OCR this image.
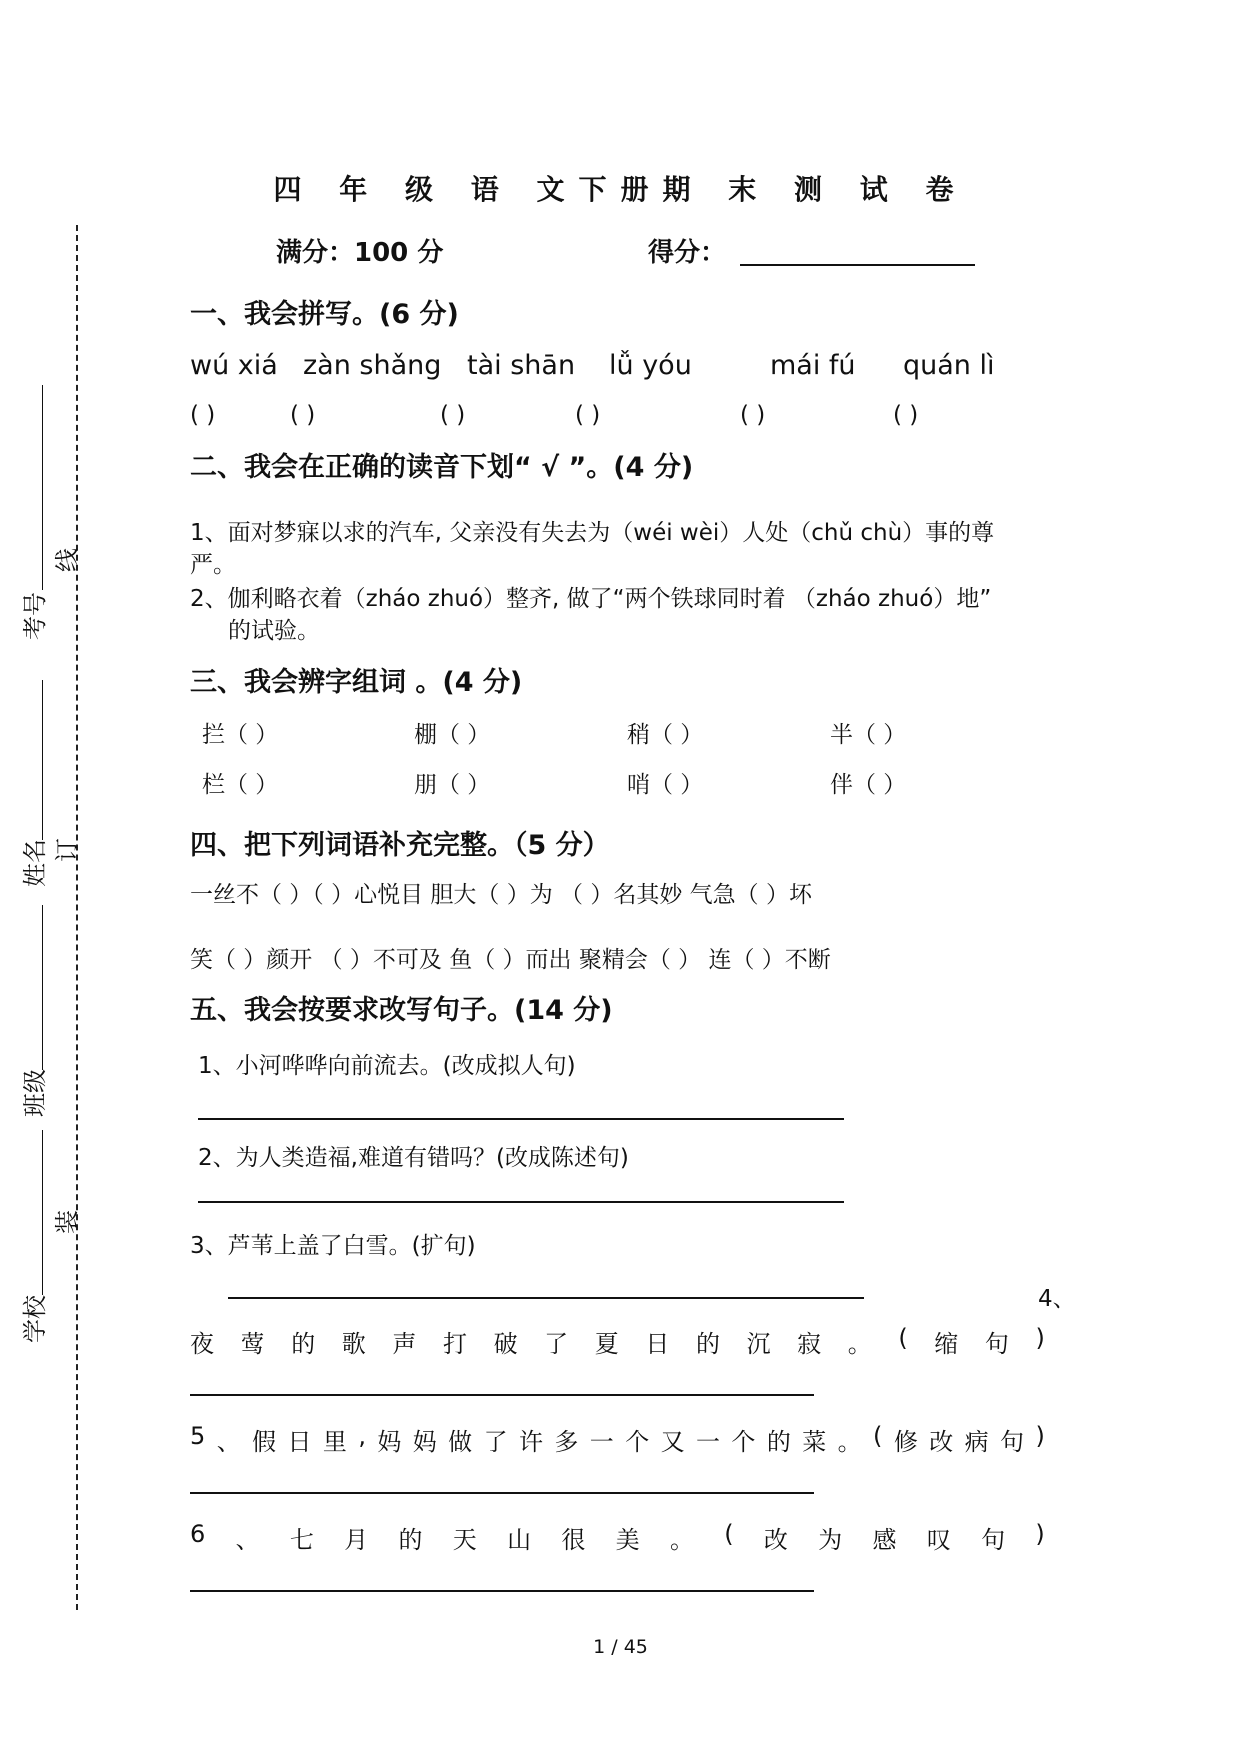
考号
姓名
班级
学校
线
订
装
四 年 级 语 文下册期 末 测 试 卷
满分：100 分	得分：
一、我会拼写。(6 分)
wú xiá zàn shǎng tài shān lǚ yóu	mái fú quán lì
( )	( )	( )	( )	( )	( )
二、我会在正确的读音下划“ √ ”。(4 分)
1、面对梦寐以求的汽车, 父亲没有失去为（wéi wèi）人处（chǔ chù）事的尊
严。
2、伽利略衣着（zháo zhuó）整齐, 做了“两个铁球同时着 （zháo zhuó）地”
的试验。
三、我会辨字组词 。(4 分)
拦（ ）	棚（ ）	稍（ ）	半（ ）
栏（ ）	朋（ ）	哨（ ）	伴（ ）
四、把下列词语补充完整。（5 分）
一丝不（ ）（ ）心悦目 胆大（ ）为 （ ）名其妙 气急（ ）坏
笑（ ）颜开 （ ）不可及 鱼（ ）而出 聚精会（ ） 连（ ）不断
五、我会按要求改写句子。(14 分)
1、小河哗哗向前流去。(改成拟人句)
2、为人类造福,难道有错吗？(改成陈述句)
3、芦苇上盖了白雪。(扩句)
4、
夜 莺 的 歌 声 打 破 了 夏 日 的 沉 寂 。 ( 缩 句 )
5 、 假 日 里 , 妈 妈 做 了 许 多 一 个 又 一 个 的 菜 。 ( 修 改 病 句 )
6 、 七 月 的 天 山 很 美 。 ( 改 为 感 叹 句 )
1 / 45
